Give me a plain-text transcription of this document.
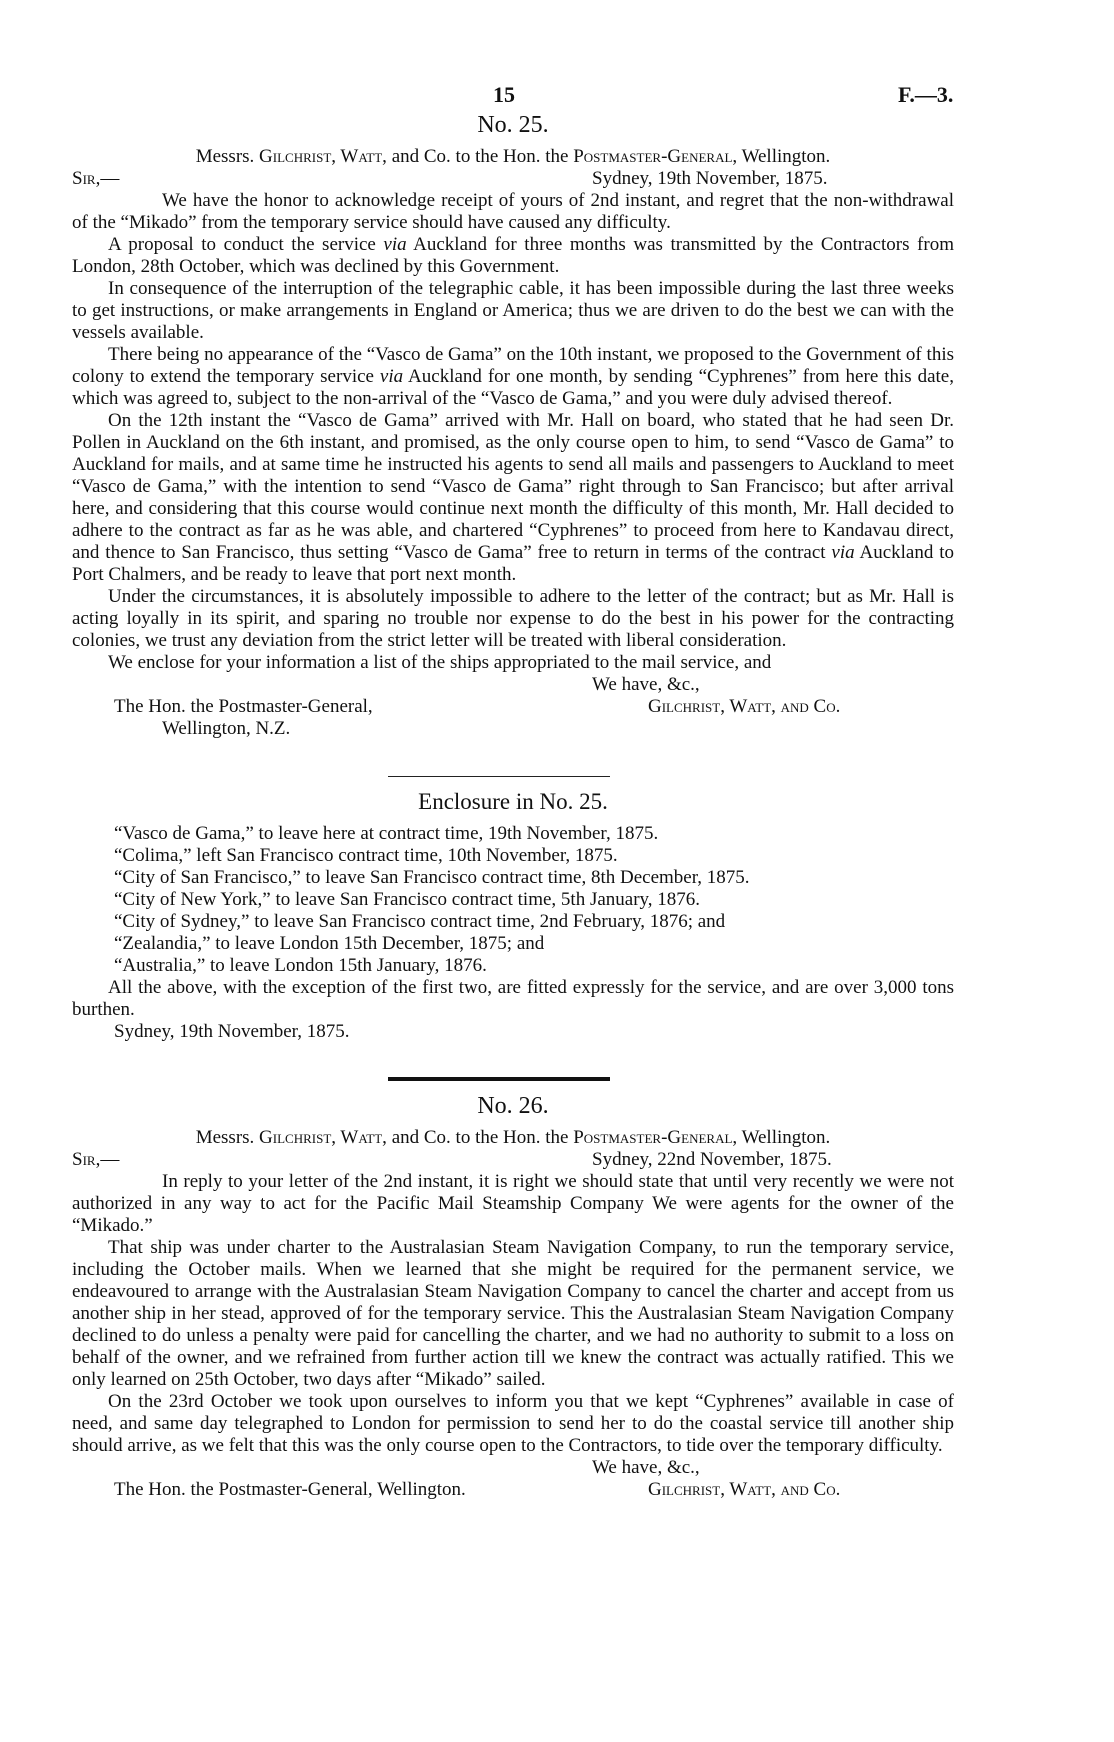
15	F.—3.
No. 25.
Messrs. Gilchrist, Watt, and Co. to the Hon. the Postmaster-General, Wellington.
Sir,—	Sydney, 19th November, 1875.

We have the honor to acknowledge receipt of yours of 2nd instant, and regret that the non-withdrawal of the “Mikado” from the temporary service should have caused any difficulty.

A proposal to conduct the service via Auckland for three months was transmitted by the Contractors from London, 28th October, which was declined by this Government.

In consequence of the interruption of the telegraphic cable, it has been impossible during the last three weeks to get instructions, or make arrangements in England or America; thus we are driven to do the best we can with the vessels available.

There being no appearance of the “Vasco de Gama” on the 10th instant, we proposed to the Government of this colony to extend the temporary service via Auckland for one month, by sending “Cyphrenes” from here this date, which was agreed to, subject to the non-arrival of the “Vasco de Gama,” and you were duly advised thereof.

On the 12th instant the “Vasco de Gama” arrived with Mr. Hall on board, who stated that he had seen Dr. Pollen in Auckland on the 6th instant, and promised, as the only course open to him, to send “Vasco de Gama” to Auckland for mails, and at same time he instructed his agents to send all mails and passengers to Auckland to meet “Vasco de Gama,” with the intention to send “Vasco de Gama” right through to San Francisco; but after arrival here, and considering that this course would continue next month the difficulty of this month, Mr. Hall decided to adhere to the contract as far as he was able, and chartered “Cyphrenes” to proceed from here to Kandavau direct, and thence to San Francisco, thus setting “Vasco de Gama” free to return in terms of the contract via Auckland to Port Chalmers, and be ready to leave that port next month.

Under the circumstances, it is absolutely impossible to adhere to the letter of the contract; but as Mr. Hall is acting loyally in its spirit, and sparing no trouble nor expense to do the best in his power for the contracting colonies, we trust any deviation from the strict letter will be treated with liberal consideration.

We enclose for your information a list of the ships appropriated to the mail service, and

We have, &c.,
The Hon. the Postmaster-General,	Gilchrist, Watt, and Co.
Wellington, N.Z.
Enclosure in No. 25.
“Vasco de Gama,” to leave here at contract time, 19th November, 1875.
“Colima,” left San Francisco contract time, 10th November, 1875.
“City of San Francisco,” to leave San Francisco contract time, 8th December, 1875.
“City of New York,” to leave San Francisco contract time, 5th January, 1876.
“City of Sydney,” to leave San Francisco contract time, 2nd February, 1876; and
“Zealandia,” to leave London 15th December, 1875; and
“Australia,” to leave London 15th January, 1876.

All the above, with the exception of the first two, are fitted expressly for the service, and are over 3,000 tons burthen.

Sydney, 19th November, 1875.
No. 26.
Messrs. Gilchrist, Watt, and Co. to the Hon. the Postmaster-General, Wellington.
Sir,—	Sydney, 22nd November, 1875.

In reply to your letter of the 2nd instant, it is right we should state that until very recently we were not authorized in any way to act for the Pacific Mail Steamship Company We were agents for the owner of the “Mikado.”

That ship was under charter to the Australasian Steam Navigation Company, to run the temporary service, including the October mails. When we learned that she might be required for the permanent service, we endeavoured to arrange with the Australasian Steam Navigation Company to cancel the charter and accept from us another ship in her stead, approved of for the temporary service. This the Australasian Steam Navigation Company declined to do unless a penalty were paid for cancelling the charter, and we had no authority to submit to a loss on behalf of the owner, and we refrained from further action till we knew the contract was actually ratified. This we only learned on 25th October, two days after “Mikado” sailed.

On the 23rd October we took upon ourselves to inform you that we kept “Cyphrenes” available in case of need, and same day telegraphed to London for permission to send her to do the coastal service till another ship should arrive, as we felt that this was the only course open to the Contractors, to tide over the temporary difficulty.

We have, &c.,
The Hon. the Postmaster-General, Wellington.	Gilchrist, Watt, and Co.
